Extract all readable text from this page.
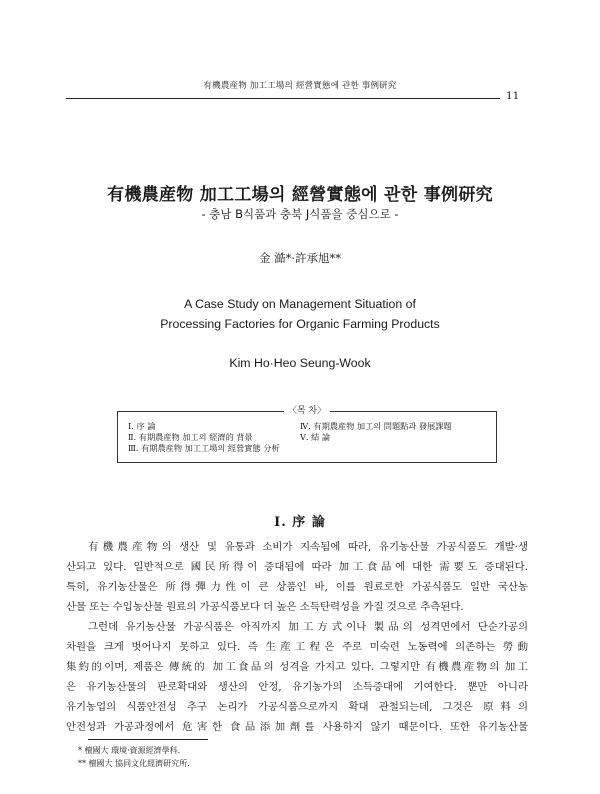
有機農産物 加工工場의 經營實態에 관한 事例研究
11
有機農産物 加工工場의 經營實態에 관한 事例研究
- 충남 B식품과 충북 J식품을 중심으로 -
金 澔*·許承旭**
A Case Study on Management Situation of
Processing Factories for Organic Farming Products
Kim Ho·Heo Seung-Wook
〈목 차〉
Ⅰ. 序 論
Ⅱ. 有期農産物 加工의 經濟的 背景
Ⅲ. 有期農産物 加工工場의 經營實態 分析
Ⅳ. 有期農産物 加工의 問題點과 發展課題
Ⅴ. 結 論
Ⅰ. 序 論
有機農産物의 생산 및 유통과 소비가 지속됨에 따라, 유기농산물 가공식품도 개발·생
산되고 있다. 일반적으로 國民所得이 증대됨에 따라 加工食品에 대한 需要도 증대된다.
특히, 유기농산물은 所得彈力性이 큰 상품인 바, 이를 원료로한 가공식품도 일반 국산농
산물 또는 수입농산물 원료의 가공식품보다 더 높은 소득탄력성을 가질 것으로 추측된다.
그런데 유기농산물 가공식품은 아직까지 加工方式이나 製品의 성격면에서 단순가공의
차원을 크게 벗어나지 못하고 있다. 즉 生産工程은 주로 미숙련 노동력에 의존하는 勞動
集約的이며, 제품은 傳統的 加工食品의 성격을 가지고 있다. 그렇지만 有機農産物의 加工
은 유기농산물의 판로확대와 생산의 안정, 유기농가의 소득증대에 기여한다. 뿐만 아니라
유기농업의 식품안전성 추구 논리가 가공식품으로까지 확대 관철되는데, 그것은 原料의
안전성과 가공과정에서 危害한 食品添加劑를 사용하지 않기 때문이다. 또한 유기농산물
* 檀國大 環境·資源經濟學科.
** 檀國大 協同文化經濟研究所.
